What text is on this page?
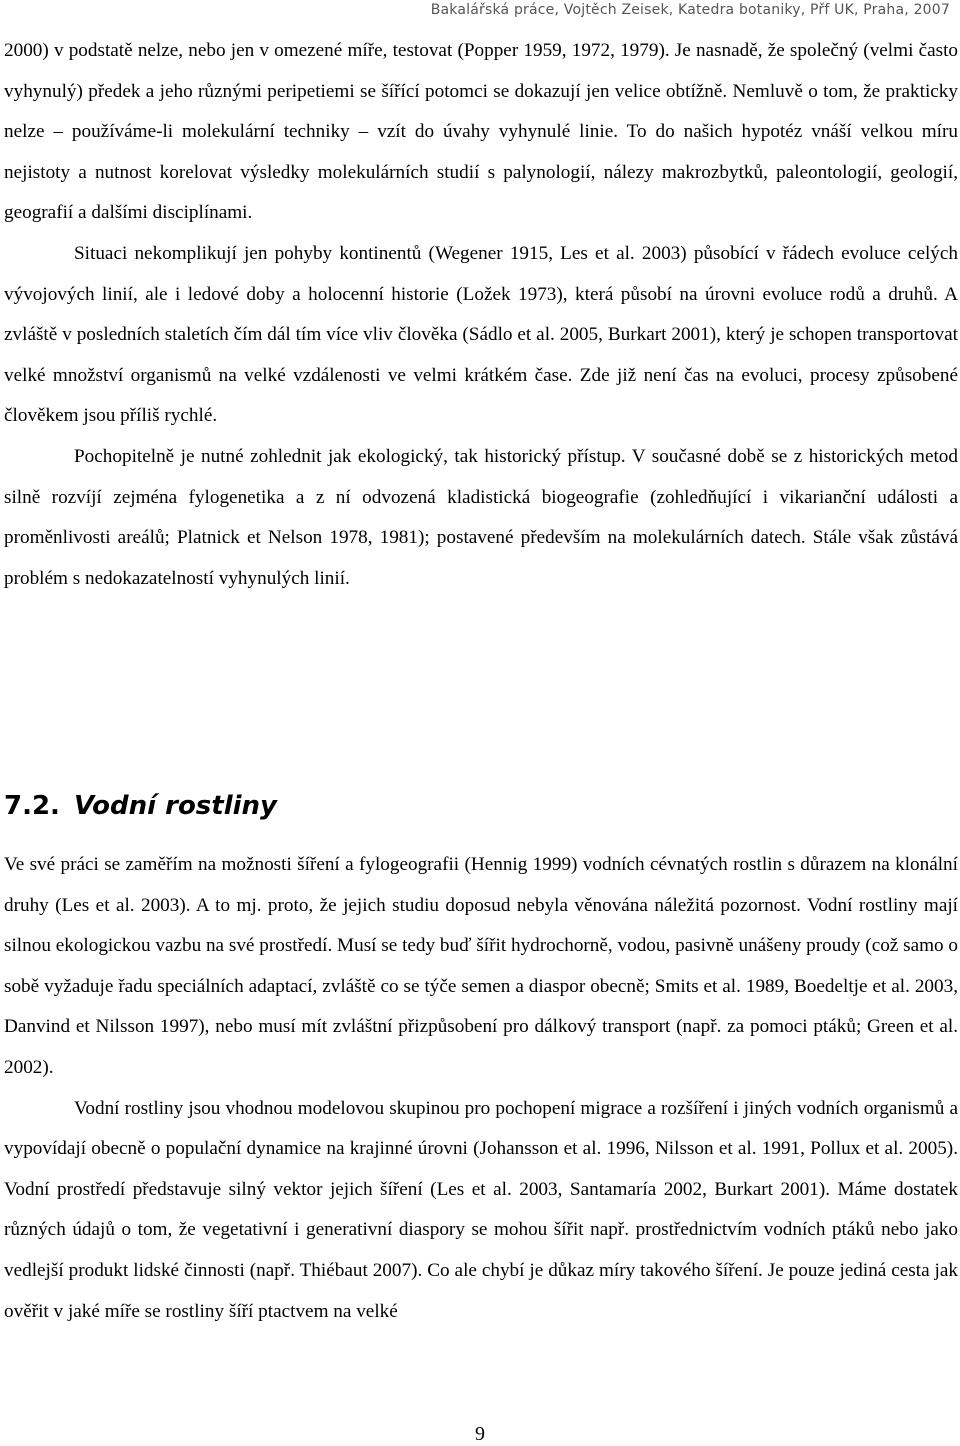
Bakalářská práce, Vojtěch Zeisek, Katedra botaniky, Přf UK, Praha, 2007

2000) v podstatě nelze, nebo jen v omezené míře, testovat (Popper 1959, 1972, 1979). Je nasnadě, že společný (velmi často vyhynulý) předek a jeho různými peripetiemi se šířící potomci se dokazují jen velice obtížně. Nemluvě o tom, že prakticky nelze – používáme-li molekulární techniky – vzít do úvahy vyhynulé linie. To do našich hypotéz vnáší velkou míru nejistoty a nutnost korelovat výsledky molekulárních studií s palynologií, nálezy makrozbytků, paleontologií, geologií, geografií a dalšími disciplínami.

Situaci nekomplikují jen pohyby kontinentů (Wegener 1915, Les et al. 2003) působící v řádech evoluce celých vývojových linií, ale i ledové doby a holocenní historie (Ložek 1973), která působí na úrovni evoluce rodů a druhů. A zvláště v posledních staletích čím dál tím více vliv člověka (Sádlo et al. 2005, Burkart 2001), který je schopen transportovat velké množství organismů na velké vzdálenosti ve velmi krátkém čase. Zde již není čas na evoluci, procesy způsobené člověkem jsou příliš rychlé.

Pochopitelně je nutné zohlednit jak ekologický, tak historický přístup. V současné době se z historických metod silně rozvíjí zejména fylogenetika a z ní odvozená kladistická biogeografie (zohledňující i vikarianční události a proměnlivosti areálů; Platnick et Nelson 1978, 1981); postavené především na molekulárních datech. Stále však zůstává problém s nedokazatelností vyhynulých linií.

7.2. Vodní rostliny

Ve své práci se zaměřím na možnosti šíření a fylogeografii (Hennig 1999) vodních cévnatých rostlin s důrazem na klonální druhy (Les et al. 2003). A to mj. proto, že jejich studiu doposud nebyla věnována náležitá pozornost. Vodní rostliny mají silnou ekologickou vazbu na své prostředí. Musí se tedy buď šířit hydrochorně, vodou, pasivně unášeny proudy (což samo o sobě vyžaduje řadu speciálních adaptací, zvláště co se týče semen a diaspor obecně; Smits et al. 1989, Boedeltje et al. 2003, Danvind et Nilsson 1997), nebo musí mít zvláštní přizpůsobení pro dálkový transport (např. za pomoci ptáků; Green et al. 2002).

Vodní rostliny jsou vhodnou modelovou skupinou pro pochopení migrace a rozšíření i jiných vodních organismů a vypovídají obecně o populační dynamice na krajinné úrovni (Johansson et al. 1996, Nilsson et al. 1991, Pollux et al. 2005). Vodní prostředí představuje silný vektor jejich šíření (Les et al. 2003, Santamaría 2002, Burkart 2001). Máme dostatek různých údajů o tom, že vegetativní i generativní diaspory se mohou šířit např. prostřednictvím vodních ptáků nebo jako vedlejší produkt lidské činnosti (např. Thiébaut 2007). Co ale chybí je důkaz míry takového šíření. Je pouze jediná cesta jak ověřit v jaké míře se rostliny šíří ptactvem na velké

9
